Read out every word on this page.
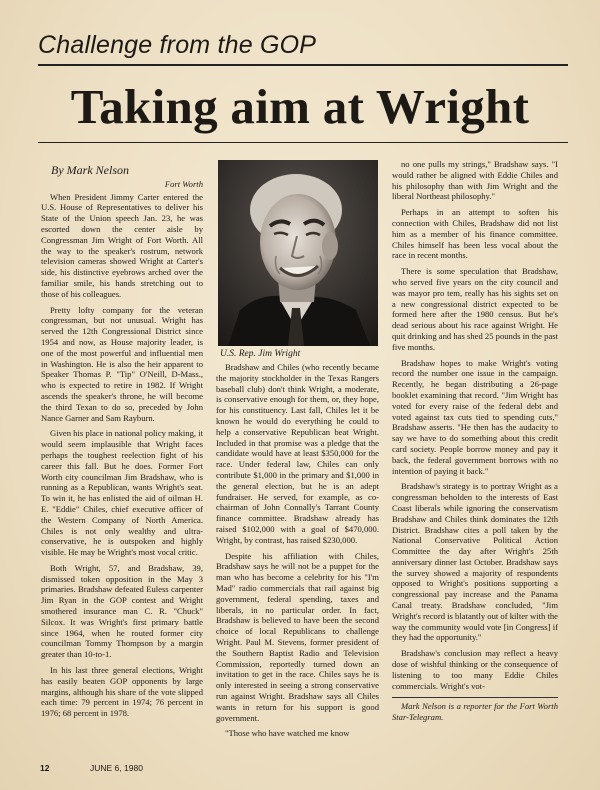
Challenge from the GOP
Taking aim at Wright
By Mark Nelson
Fort Worth

When President Jimmy Carter entered the U.S. House of Representatives to deliver his State of the Union speech Jan. 23, he was escorted down the center aisle by Congressman Jim Wright of Fort Worth. All the way to the speaker's rostrum, network television cameras showed Wright at Carter's side, his distinctive eyebrows arched over the familiar smile, his hands stretching out to those of his colleagues.

Pretty lofty company for the veteran congressman, but not unusual. Wright has served the 12th Congressional District since 1954 and now, as House majority leader, is one of the most powerful and influential men in Washington. He is also the heir apparent to Speaker Thomas P. "Tip" O'Neill, D-Mass., who is expected to retire in 1982. If Wright ascends the speaker's throne, he will become the third Texan to do so, preceded by John Nance Garner and Sam Rayburn.

Given his place in national policy making, it would seem implausible that Wright faces perhaps the toughest reelection fight of his career this fall. But he does. Former Fort Worth city councilman Jim Bradshaw, who is running as a Republican, wants Wright's seat. To win it, he has enlisted the aid of oilman H. E. "Eddie" Chiles, chief executive officer of the Western Company of North America. Chiles is not only wealthy and ultra-conservative, he is outspoken and highly visible. He may be Wright's most vocal critic.

Both Wright, 57, and Bradshaw, 39, dismissed token opposition in the May 3 primaries. Bradshaw defeated Euless carpenter Jim Ryan in the GOP contest and Wright smothered insurance man C. R. "Chuck" Silcox. It was Wright's first primary battle since 1964, when he routed former city councilman Tommy Thompson by a margin greater than 10-to-1.

In his last three general elections, Wright has easily beaten GOP opponents by large margins, although his share of the vote slipped each time: 79 percent in 1974; 76 percent in 1976; 68 percent in 1978.

U.S. Rep. Jim Wright

Bradshaw and Chiles (who recently became the majority stockholder in the Texas Rangers baseball club) don't think Wright, a moderate, is conservative enough for them, or, they hope, for his constituency. Last fall, Chiles let it be known he would do everything he could to help a conservative Republican beat Wright. Included in that promise was a pledge that the candidate would have at least $350,000 for the race. Under federal law, Chiles can only contribute $1,000 in the primary and $1,000 in the general election, but he is an adept fundraiser. He served, for example, as co-chairman of John Connally's Tarrant County finance committee. Bradshaw already has raised $102,000 with a goal of $470,000. Wright, by contrast, has raised $230,000.

Despite his affiliation with Chiles, Bradshaw says he will not be a puppet for the man who has become a celebrity for his "I'm Mad" radio commercials that rail against big government, federal spending, taxes and liberals, in no particular order. In fact, Bradshaw is believed to have been the second choice of local Republicans to challenge Wright. Paul M. Stevens, former president of the Southern Baptist Radio and Television Commission, reportedly turned down an invitation to get in the race. Chiles says he is only interested in seeing a strong conservative run against Wright. Bradshaw says all Chiles wants in return for his support is good government.

"Those who have watched me know

no one pulls my strings," Bradshaw says. "I would rather be aligned with Eddie Chiles and his philosophy than with Jim Wright and the liberal Northeast philosophy."

Perhaps in an attempt to soften his connection with Chiles, Bradshaw did not list him as a member of his finance committee. Chiles himself has been less vocal about the race in recent months.

There is some speculation that Bradshaw, who served five years on the city council and was mayor pro tem, really has his sights set on a new congressional district expected to be formed here after the 1980 census. But he's dead serious about his race against Wright. He quit drinking and has shed 25 pounds in the past five months.

Bradshaw hopes to make Wright's voting record the number one issue in the campaign. Recently, he began distributing a 26-page booklet examining that record. "Jim Wright has voted for every raise of the federal debt and voted against tax cuts tied to spending cuts," Bradshaw asserts. "He then has the audacity to say we have to do something about this credit card society. People borrow money and pay it back, the federal government borrows with no intention of paying it back."

Bradshaw's strategy is to portray Wright as a congressman beholden to the interests of East Coast liberals while ignoring the conservatism Bradshaw and Chiles think dominates the 12th District. Bradshaw cites a poll taken by the National Conservative Political Action Committee the day after Wright's 25th anniversary dinner last October. Bradshaw says the survey showed a majority of respondents opposed to Wright's positions supporting a congressional pay increase and the Panama Canal treaty. Bradshaw concluded, "Jim Wright's record is blatantly out of kilter with the way the community would vote [in Congress] if they had the opportunity."

Bradshaw's conclusion may reflect a heavy dose of wishful thinking or the consequence of listening to too many Eddie Chiles commercials. Wright's vot-

Mark Nelson is a reporter for the Fort Worth Star-Telegram.

12	JUNE 6, 1980
